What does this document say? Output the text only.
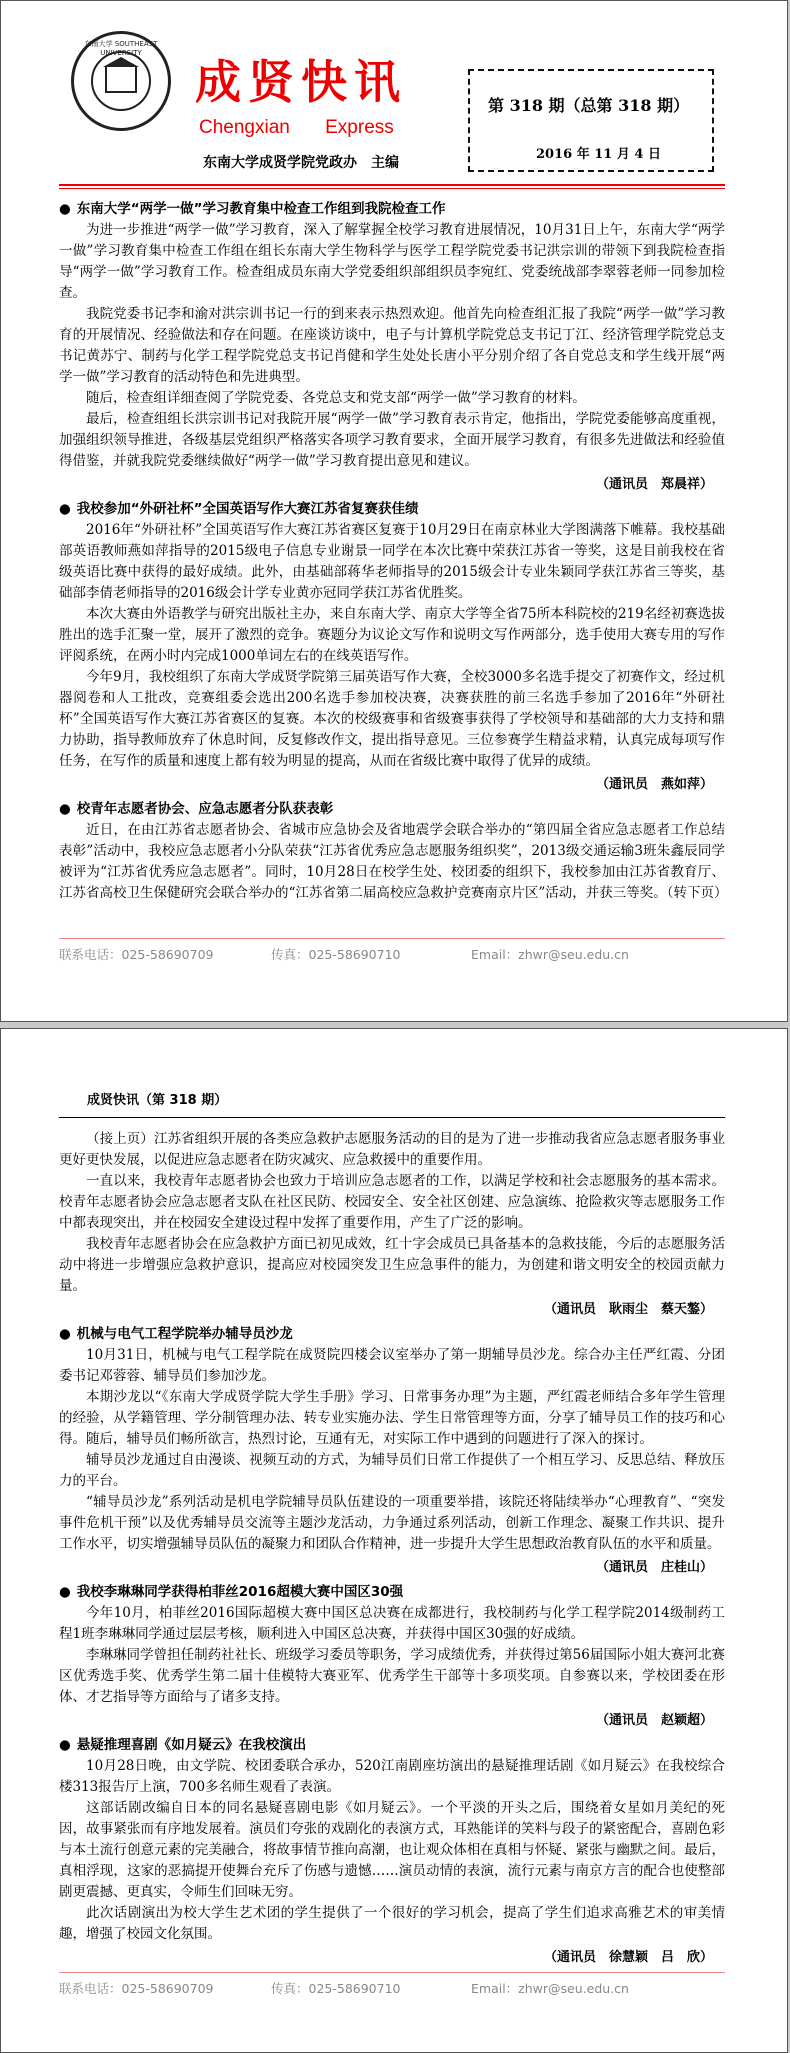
东南大学 SOUTHEAST UNIVERSITY
成贤快讯
Chengxian Express
东南大学成贤学院党政办　主编
第 318 期（总第 318 期）
2016 年 11 月 4 日
● 东南大学“两学一做”学习教育集中检查工作组到我院检查工作

为进一步推进“两学一做”学习教育，深入了解掌握全校学习教育进展情况，10月31日上午，东南大学“两学一做”学习教育集中检查工作组在组长东南大学生物科学与医学工程学院党委书记洪宗训的带领下到我院检查指导“两学一做”学习教育工作。检查组成员东南大学党委组织部组织员李宛红、党委统战部李翠蓉老师一同参加检查。

我院党委书记李和渝对洪宗训书记一行的到来表示热烈欢迎。他首先向检查组汇报了我院“两学一做”学习教育的开展情况、经验做法和存在问题。在座谈访谈中，电子与计算机学院党总支书记丁江、经济管理学院党总支书记黄苏宁、制药与化学工程学院党总支书记肖健和学生处处长唐小平分别介绍了各自党总支和学生线开展“两学一做”学习教育的活动特色和先进典型。

随后，检查组详细查阅了学院党委、各党总支和党支部“两学一做”学习教育的材料。

最后，检查组组长洪宗训书记对我院开展“两学一做”学习教育表示肯定，他指出，学院党委能够高度重视，加强组织领导推进，各级基层党组织严格落实各项学习教育要求，全面开展学习教育，有很多先进做法和经验值得借鉴，并就我院党委继续做好“两学一做”学习教育提出意见和建议。

（通讯员　郑晨祥）
● 我校参加“外研社杯”全国英语写作大赛江苏省复赛获佳绩

2016年“外研社杯”全国英语写作大赛江苏省赛区复赛于10月29日在南京林业大学图满落下帷幕。我校基础部英语教师燕如萍指导的2015级电子信息专业谢景一同学在本次比赛中荣获江苏省一等奖，这是目前我校在省级英语比赛中获得的最好成绩。此外，由基础部蒋华老师指导的2015级会计专业朱颖同学获江苏省三等奖，基础部李倩老师指导的2016级会计学专业黄亦冠同学获江苏省优胜奖。

本次大赛由外语教学与研究出版社主办，来自东南大学、南京大学等全省75所本科院校的219名经初赛选拔胜出的选手汇聚一堂，展开了激烈的竞争。赛题分为议论文写作和说明文写作两部分，选手使用大赛专用的写作评阅系统，在两小时内完成1000单词左右的在线英语写作。

今年9月，我校组织了东南大学成贤学院第三届英语写作大赛，全校3000多名选手提交了初赛作文，经过机器阅卷和人工批改，竞赛组委会选出200名选手参加校决赛，决赛获胜的前三名选手参加了2016年“外研社杯”全国英语写作大赛江苏省赛区的复赛。本次的校级赛事和省级赛事获得了学校领导和基础部的大力支持和鼎力协助，指导教师放弃了休息时间，反复修改作文，提出指导意见。三位参赛学生精益求精，认真完成每项写作任务，在写作的质量和速度上都有较为明显的提高，从而在省级比赛中取得了优异的成绩。

（通讯员　燕如萍）
● 校青年志愿者协会、应急志愿者分队获表彰

近日，在由江苏省志愿者协会、省城市应急协会及省地震学会联合举办的“第四届全省应急志愿者工作总结表彰”活动中，我校应急志愿者小分队荣获“江苏省优秀应急志愿服务组织奖”，2013级交通运输3班朱鑫辰同学被评为“江苏省优秀应急志愿者”。同时，10月28日在校学生处、校团委的组织下，我校参加由江苏省教育厅、江苏省高校卫生保健研究会联合举办的“江苏省第二届高校应急救护竞赛南京片区”活动，并获三等奖。（转下页）

联系电话：025-58690709	传真：025-58690710	Email：zhwr@seu.edu.cn
成贤快讯（第 318 期）

（接上页）江苏省组织开展的各类应急救护志愿服务活动的目的是为了进一步推动我省应急志愿者服务事业更好更快发展，以促进应急志愿者在防灾减灾、应急救援中的重要作用。

一直以来，我校青年志愿者协会也致力于培训应急志愿者的工作，以满足学校和社会志愿服务的基本需求。校青年志愿者协会应急志愿者支队在社区民防、校园安全、安全社区创建、应急演练、抢险救灾等志愿服务工作中都表现突出，并在校园安全建设过程中发挥了重要作用，产生了广泛的影响。

我校青年志愿者协会在应急救护方面已初见成效，红十字会成员已具备基本的急救技能，今后的志愿服务活动中将进一步增强应急救护意识，提高应对校园突发卫生应急事件的能力，为创建和谐文明安全的校园贡献力量。

（通讯员　耿雨尘　蔡天鏊）
● 机械与电气工程学院举办辅导员沙龙

10月31日，机械与电气工程学院在成贤院四楼会议室举办了第一期辅导员沙龙。综合办主任严红霞、分团委书记邓蓉蓉、辅导员们参加沙龙。

本期沙龙以“《东南大学成贤学院大学生手册》学习、日常事务办理”为主题，严红霞老师结合多年学生管理的经验，从学籍管理、学分制管理办法、转专业实施办法、学生日常管理等方面，分享了辅导员工作的技巧和心得。随后，辅导员们畅所欲言，热烈讨论，互通有无，对实际工作中遇到的问题进行了深入的探讨。

辅导员沙龙通过自由漫谈、视频互动的方式，为辅导员们日常工作提供了一个相互学习、反思总结、释放压力的平台。

“辅导员沙龙”系列活动是机电学院辅导员队伍建设的一项重要举措，该院还将陆续举办“心理教育”、“突发事件危机干预”以及优秀辅导员交流等主题沙龙活动，力争通过系列活动，创新工作理念、凝聚工作共识、提升工作水平，切实增强辅导员队伍的凝聚力和团队合作精神，进一步提升大学生思想政治教育队伍的水平和质量。

（通讯员　庄桂山）
● 我校李琳琳同学获得柏菲丝2016超模大赛中国区30强

今年10月，柏菲丝2016国际超模大赛中国区总决赛在成都进行，我校制药与化学工程学院2014级制药工程1班李琳琳同学通过层层考核，顺利进入中国区总决赛，并获得中国区30强的好成绩。

李琳琳同学曾担任制药社社长、班级学习委员等职务，学习成绩优秀，并获得过第56届国际小姐大赛河北赛区优秀选手奖、优秀学生第二届十佳模特大赛亚军、优秀学生干部等十多项奖项。自参赛以来，学校团委在形体、才艺指导等方面给与了诸多支持。

（通讯员　赵颖超）
● 悬疑推理喜剧《如月疑云》在我校演出

10月28日晚，由文学院、校团委联合承办，520江南剧座坊演出的悬疑推理话剧《如月疑云》在我校综合楼313报告厅上演，700多名师生观看了表演。

这部话剧改编自日本的同名悬疑喜剧电影《如月疑云》。一个平淡的开头之后，围绕着女星如月美纪的死因，故事紧张而有序地发展着。演员们夸张的戏剧化的表演方式，耳熟能详的笑料与段子的紧密配合，喜剧色彩与本土流行创意元素的完美融合，将故事情节推向高潮，也让观众体相在真相与怀疑、紧张与幽默之间。最后，真相浮现，这家的恶搞提开使舞台充斥了伤感与遗憾……演员动情的表演，流行元素与南京方言的配合也使整部剧更震撼、更真实，令师生们回味无穷。

此次话剧演出为校大学生艺术团的学生提供了一个很好的学习机会，提高了学生们追求高雅艺术的审美情趣，增强了校园文化氛围。

（通讯员　徐慧颖　吕　欣）
联系电话：025-58690709	传真：025-58690710	Email：zhwr@seu.edu.cn
